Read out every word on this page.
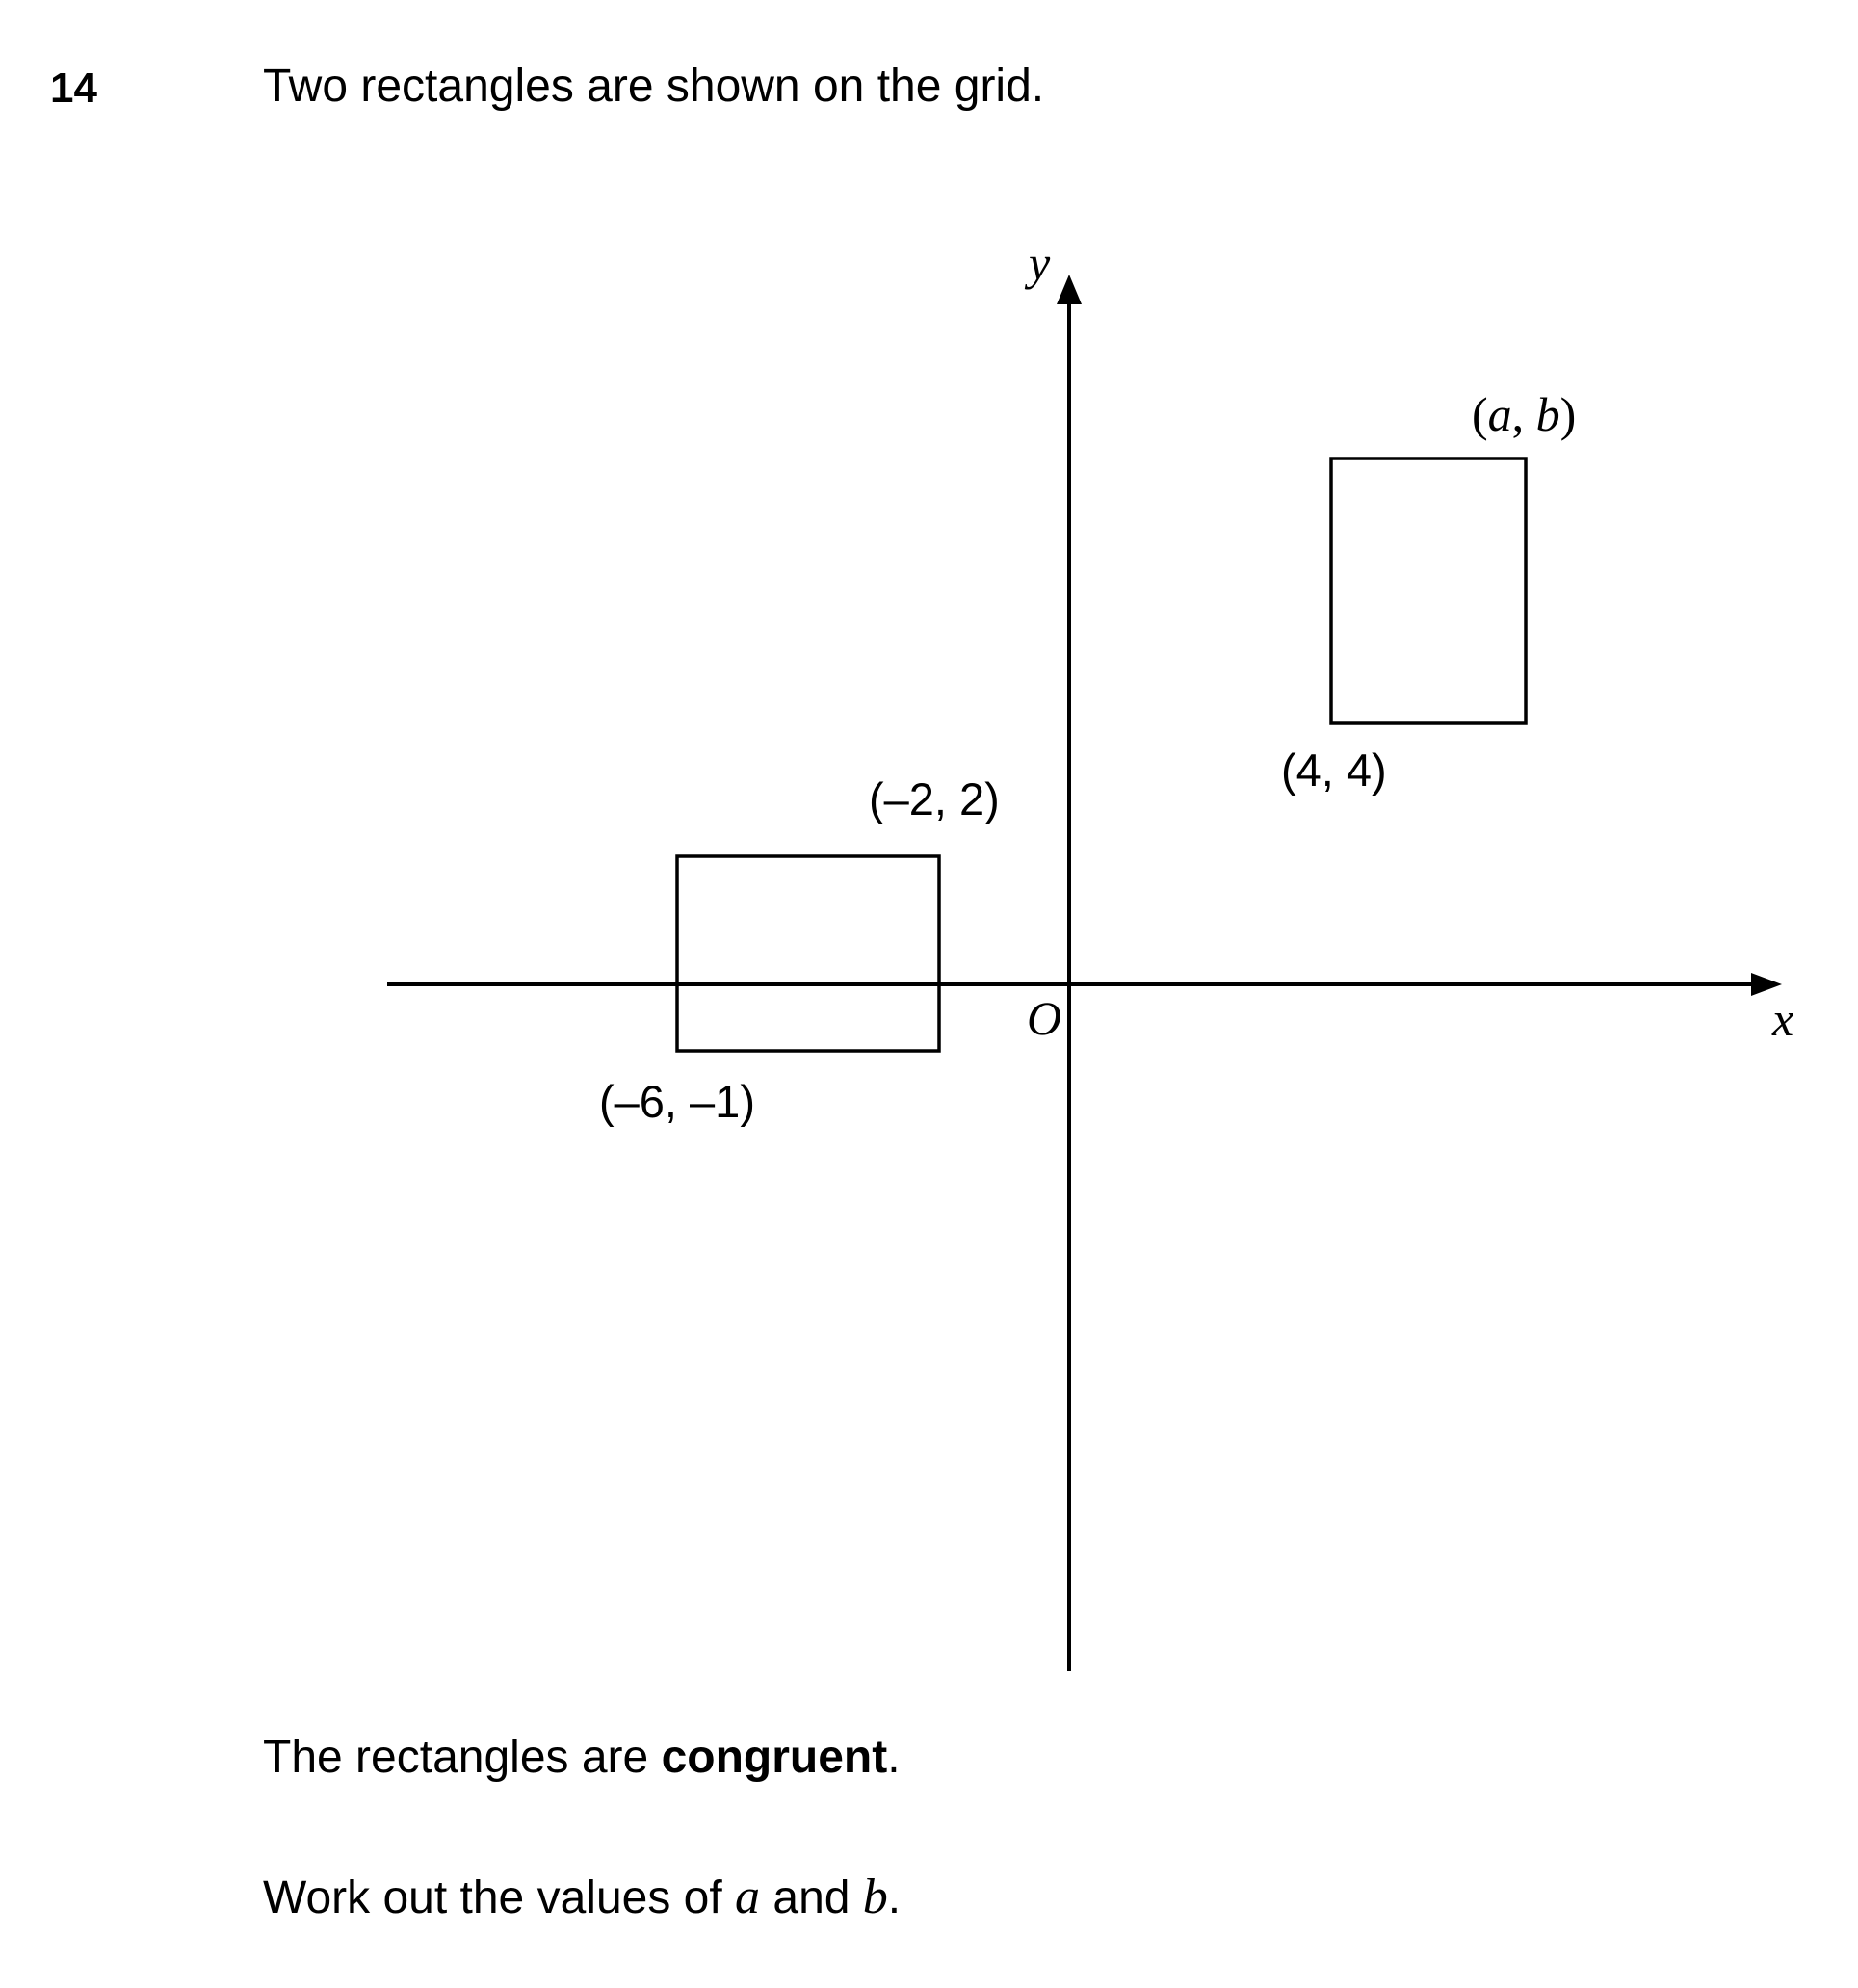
14	Two rectangles are shown on the grid.
y
x
O
(–2, 2)
(–6, –1)
(4, 4)
(a, b)
The rectangles are congruent.
Work out the values of a and b.
